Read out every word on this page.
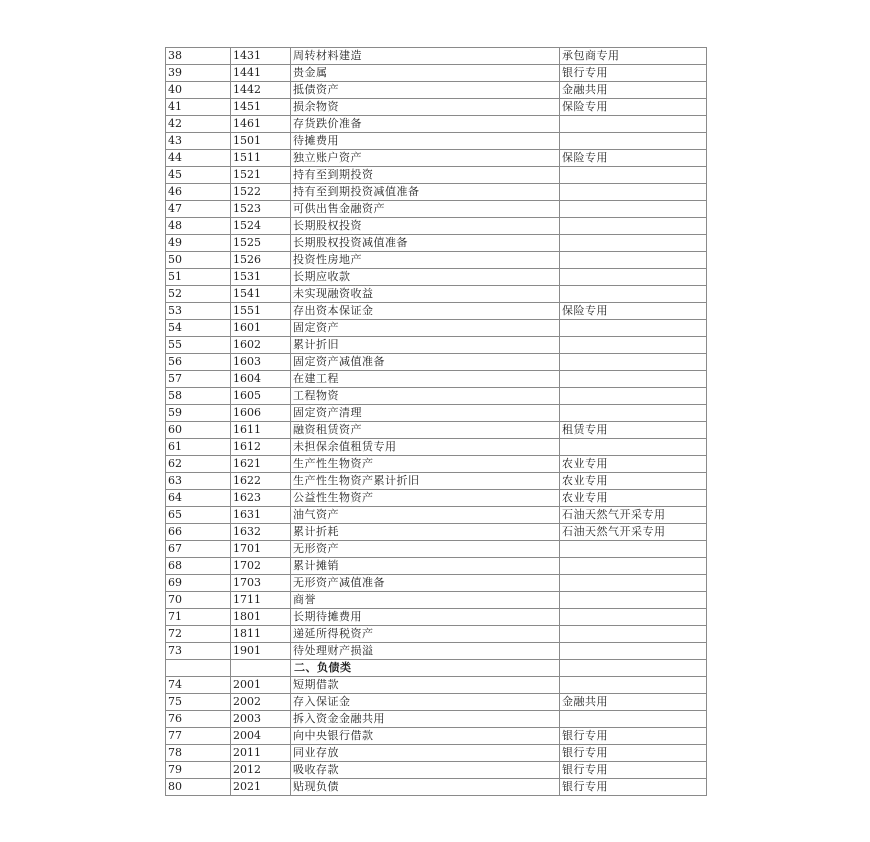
38	1431	周转材料建造	承包商专用
39	1441	贵金属	银行专用
40	1442	抵债资产	金融共用
41	1451	损余物资	保险专用
42	1461	存货跌价准备	
43	1501	待摊费用	
44	1511	独立账户资产	保险专用
45	1521	持有至到期投资	
46	1522	持有至到期投资减值准备	
47	1523	可供出售金融资产	
48	1524	长期股权投资	
49	1525	长期股权投资减值准备	
50	1526	投资性房地产	
51	1531	长期应收款	
52	1541	未实现融资收益	
53	1551	存出资本保证金	保险专用
54	1601	固定资产	
55	1602	累计折旧	
56	1603	固定资产减值准备	
57	1604	在建工程	
58	1605	工程物资	
59	1606	固定资产清理	
60	1611	融资租赁资产	租赁专用
61	1612	未担保余值租赁专用	
62	1621	生产性生物资产	农业专用
63	1622	生产性生物资产累计折旧	农业专用
64	1623	公益性生物资产	农业专用
65	1631	油气资产	石油天然气开采专用
66	1632	累计折耗	石油天然气开采专用
67	1701	无形资产	
68	1702	累计摊销	
69	1703	无形资产减值准备	
70	1711	商誉	
71	1801	长期待摊费用	
72	1811	递延所得税资产	
73	1901	待处理财产损溢	
		二、负债类	
74	2001	短期借款	
75	2002	存入保证金	金融共用
76	2003	拆入资金金融共用	
77	2004	向中央银行借款	银行专用
78	2011	同业存放	银行专用
79	2012	吸收存款	银行专用
80	2021	贴现负债	银行专用
